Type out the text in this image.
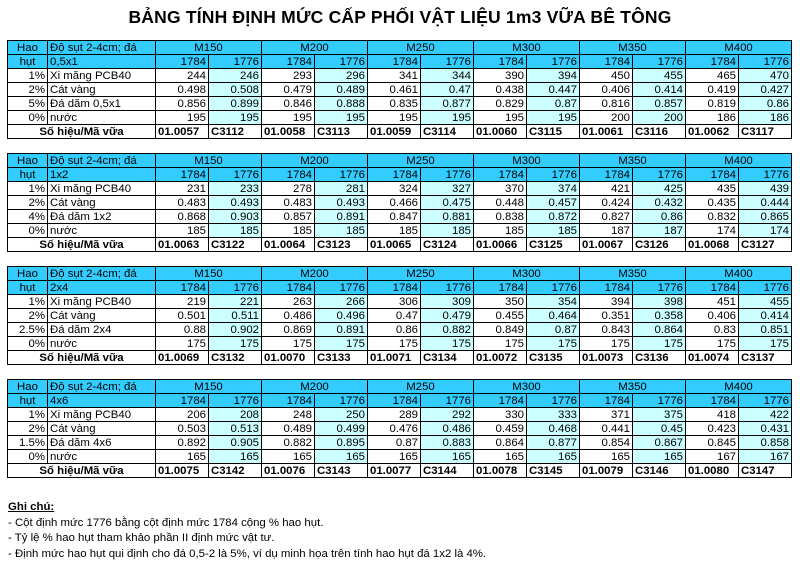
BẢNG TÍNH ĐỊNH MỨC CẤP PHỐI VẬT LIỆU 1m3 VỮA BÊ TÔNG
Hao	Độ sụt 2-4cm; đá	M150		M200		M250		M300		M350		M400	
hụt	0,5x1	1784	1776	1784	1776	1784	1776	1784	1776	1784	1776	1784	1776
1%	Xi măng PCB40	244	246	293	296	341	344	390	394	450	455	465	470
2%	Cát vàng	0.498	0.508	0.479	0.489	0.461	0.47	0.438	0.447	0.406	0.414	0.419	0.427
5%	Đá dăm 0,5x1	0.856	0.899	0.846	0.888	0.835	0.877	0.829	0.87	0.816	0.857	0.819	0.86
0%	nước	195	195	195	195	195	195	195	195	200	200	186	186
Số hiệu/Mã vữa		01.0057	C3112	01.0058	C3113	01.0059	C3114	01.0060	C3115	01.0061	C3116	01.0062	C3117
Hao	Độ sụt 2-4cm; đá	M150		M200		M250		M300		M350		M400	
hụt	1x2	1784	1776	1784	1776	1784	1776	1784	1776	1784	1776	1784	1776
1%	Xi măng PCB40	231	233	278	281	324	327	370	374	421	425	435	439
2%	Cát vàng	0.483	0.493	0.483	0.493	0.466	0.475	0.448	0.457	0.424	0.432	0.435	0.444
4%	Đá dăm 1x2	0.868	0.903	0.857	0.891	0.847	0.881	0.838	0.872	0.827	0.86	0.832	0.865
0%	nước	185	185	185	185	185	185	185	185	187	187	174	174
Số hiệu/Mã vữa		01.0063	C3122	01.0064	C3123	01.0065	C3124	01.0066	C3125	01.0067	C3126	01.0068	C3127
Hao	Độ sụt 2-4cm; đá	M150		M200		M250		M300		M350		M400	
hụt	2x4	1784	1776	1784	1776	1784	1776	1784	1776	1784	1776	1784	1776
1%	Xi măng PCB40	219	221	263	266	306	309	350	354	394	398	451	455
2%	Cát vàng	0.501	0.511	0.486	0.496	0.47	0.479	0.455	0.464	0.351	0.358	0.406	0.414
2.5%	Đá dăm 2x4	0.88	0.902	0.869	0.891	0.86	0.882	0.849	0.87	0.843	0.864	0.83	0.851
0%	nước	175	175	175	175	175	175	175	175	175	175	175	175
Số hiệu/Mã vữa		01.0069	C3132	01.0070	C3133	01.0071	C3134	01.0072	C3135	01.0073	C3136	01.0074	C3137
Hao	Độ sụt 2-4cm; đá	M150		M200		M250		M300		M350		M400	
hụt	4x6	1784	1776	1784	1776	1784	1776	1784	1776	1784	1776	1784	1776
1%	Xi măng PCB40	206	208	248	250	289	292	330	333	371	375	418	422
2%	Cát vàng	0.503	0.513	0.489	0.499	0.476	0.486	0.459	0.468	0.441	0.45	0.423	0.431
1.5%	Đá dăm 4x6	0.892	0.905	0.882	0.895	0.87	0.883	0.864	0.877	0.854	0.867	0.845	0.858
0%	nước	165	165	165	165	165	165	165	165	165	165	167	167
Số hiệu/Mã vữa		01.0075	C3142	01.0076	C3143	01.0077	C3144	01.0078	C3145	01.0079	C3146	01.0080	C3147
Ghi chú:
- Cột định mức 1776 bằng cột định mức 1784 cộng % hao hụt.
- Tỷ lệ % hao hụt tham khảo phần II định mức vật tư.
- Định mức hao hụt qui định cho đá 0,5-2 là 5%, ví dụ minh họa trên tính hao hụt đá 1x2 là 4%.
